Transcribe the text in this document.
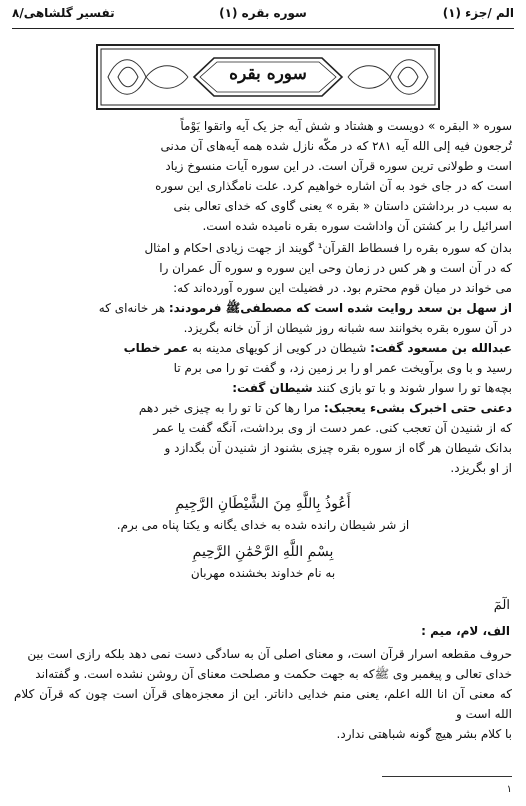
الم /جزء (۱)
سوره بقره (۱)
تفسیر گلشاهی/۸
سوره بقره
سوره « البقره » دویست و هشتاد و شش آیه جز یک آیه واتقوا یَوْماً
تُرجعون فیه إلی الله آیه ۲۸۱ که در مکّه نازل شده همه آیه‌های آن مدنی
است و طولانی ترین سوره قرآن است. در این سوره آیات منسوخ زیاد
است که در جای خود به آن اشاره خواهیم کرد. علت نامگذاری این سوره
به سبب در برداشتن داستان « بقره » یعنی گاوی که خدای تعالی بنی
اسرائیل را بر کشتن آن واداشت سوره بقره نامیده شده است.
بدان که سوره بقره را فسطاط القرآن¹ گویند از جهت زیادی احکام و امثال
که در آن است و هر کس در زمان وحی این سوره و سوره آل عمران را
می خواند در میان قوم محترم بود. در فضیلت این سوره آورده‌اند که:
از سهل بن سعد روایت شده است که مصطفیﷺ فرمودند: هر خانه‌ای که
در آن سوره بقره بخوانند سه شبانه روز شیطان از آن خانه بگریزد.
عبدالله بن مسعود گفت: شیطان در کویی از کویهای مدینه به عمر خطاب
رسید و با وی برآویخت عمر او را بر زمین زد، و گفت تو را می برم تا
بچه‌ها تو را سوار شوند و با تو بازی کنند شیطان گفت:
دعنی حتی اخبرک بشیء یعجبک: مرا رها کن تا تو را به چیزی خبر دهم
که از شنیدن آن تعجب کنی. عمر دست از وی برداشت، آنگه گفت یا عمر
بدانک شیطان هر گاه از سوره بقره چیزی بشنود از شنیدن آن بگدازد و
از او بگریزد.
أَعُوذُ بِاللَّهِ مِنَ الشَّيْطَانِ الرَّجِيمِ
از شر شیطان رانده شده به خدای یگانه و یکتا پناه می برم.
بِسْمِ اللَّهِ الرَّحْمَٰنِ الرَّحِيمِ
به نام خداوند بخشنده مهربان
الٓمٓ
الف، لام، میم :
حروف مقطعه اسرار قرآن است، و معنای اصلی آن به سادگی دست نمی دهد بلکه رازی است بین
خدای تعالی و پیغمبر وی ﷺکه به جهت حکمت و مصلحت معنای آن روشن نشده است. و گفته‌اند
که معنی آن انا الله اعلم، یعنی منم خدایی داناتر. این از معجزه‌های قرآن است چون که قرآن کلام الله است و
با کلام بشر هیچ گونه شباهتی ندارد.
۱
